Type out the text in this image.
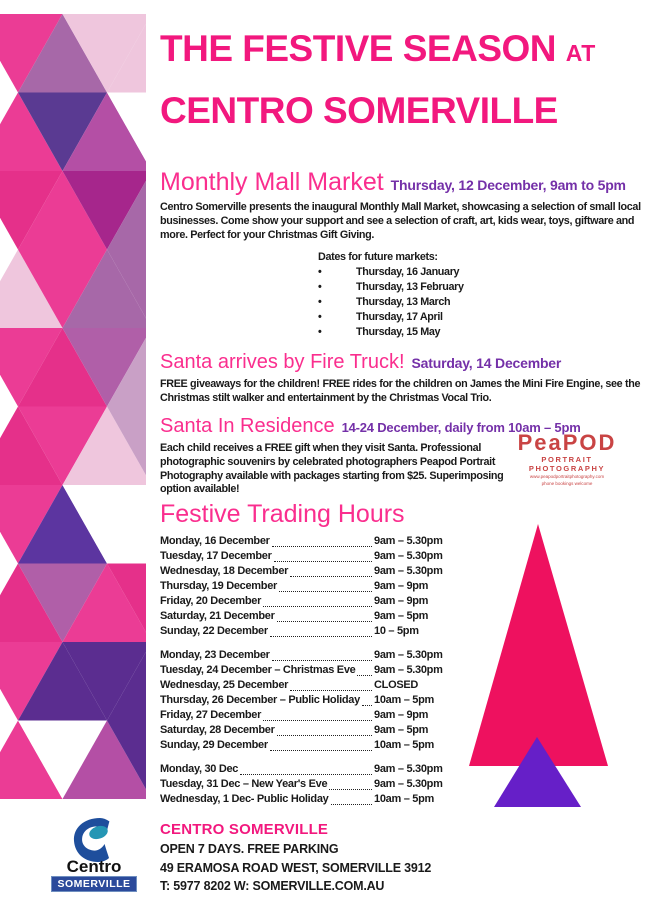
THE FESTIVE SEASON AT
CENTRO SOMERVILLE
Monthly Mall Market Thursday, 12 December, 9am to 5pm

Centro Somerville presents the inaugural Monthly Mall Market, showcasing a selection of small local businesses. Come show your support and see a selection of craft, art, kids wear, toys, giftware and more. Perfect for your Christmas Gift Giving.

Dates for future markets:
•	Thursday, 16 January
•	Thursday, 13 February
•	Thursday, 13 March
•	Thursday, 17 April
•	Thursday, 15 May
Santa arrives by Fire Truck! Saturday, 14 December

FREE giveaways for the children! FREE rides for the children on James the Mini Fire Engine, see the Christmas stilt walker and entertainment by the Christmas Vocal Trio.

Santa In Residence 14-24 December, daily from 10am – 5pm

Each child receives a FREE gift when they visit Santa. Professional photographic souvenirs by celebrated photographers Peapod Portrait Photography available with packages starting from $25. Superimposing option available!

PeaPOD
PORTRAIT PHOTOGRAPHY
www.peapodportraitphotography.com
phone bookings welcome
Festive Trading Hours
Monday, 16 December	9am – 5.30pm
Tuesday, 17 December	9am – 5.30pm
Wednesday, 18 December	9am – 5.30pm
Thursday, 19 December	9am – 9pm
Friday, 20 December	9am – 9pm
Saturday, 21 December	9am – 5pm
Sunday, 22 December	10 – 5pm
Monday, 23 December	9am – 5.30pm
Tuesday, 24 December – Christmas Eve 9am – 5.30pm
Wednesday, 25 December	CLOSED
Thursday, 26 December – Public Holiday 10am – 5pm
Friday, 27 December	9am – 9pm
Saturday, 28 December	9am – 5pm
Sunday, 29 December	10am – 5pm
Monday, 30 Dec	9am – 5.30pm
Tuesday, 31 Dec – New Year's Eve	9am – 5.30pm
Wednesday, 1 Dec- Public Holiday	10am – 5pm
Centro
SOMERVILLE
CENTRO SOMERVILLE
OPEN 7 DAYS. FREE PARKING
49 ERAMOSA ROAD WEST, SOMERVILLE 3912
T: 5977 8202 W: SOMERVILLE.COM.AU
